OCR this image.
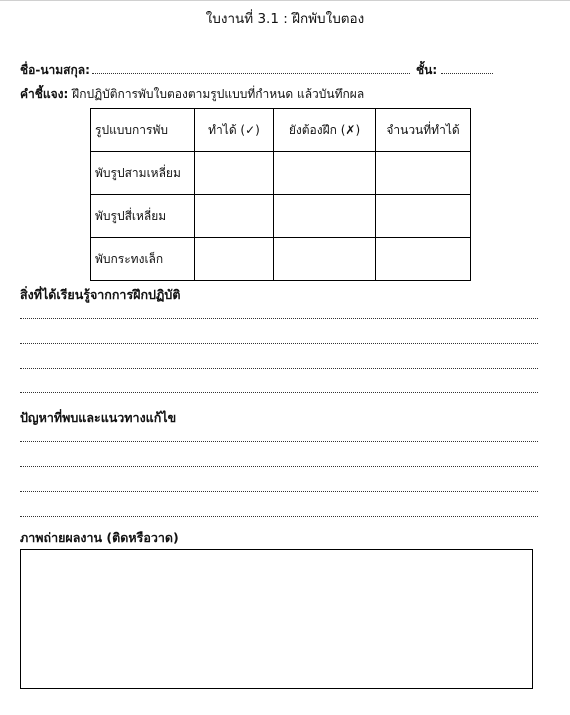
ใบงานที่ 3.1 : ฝึกพับใบตอง
ชื่อ-นามสกุล:	ชั้น:
คำชี้แจง: ฝึกปฏิบัติการพับใบตองตามรูปแบบที่กำหนด แล้วบันทึกผล
รูปแบบการพับ	ทำได้ (✓)	ยังต้องฝึก (✗)	จำนวนที่ทำได้
พับรูปสามเหลี่ยม			
พับรูปสี่เหลี่ยม			
พับกระทงเล็ก			
สิ่งที่ได้เรียนรู้จากการฝึกปฏิบัติ
ปัญหาที่พบและแนวทางแก้ไข
ภาพถ่ายผลงาน (ติดหรือวาด)
